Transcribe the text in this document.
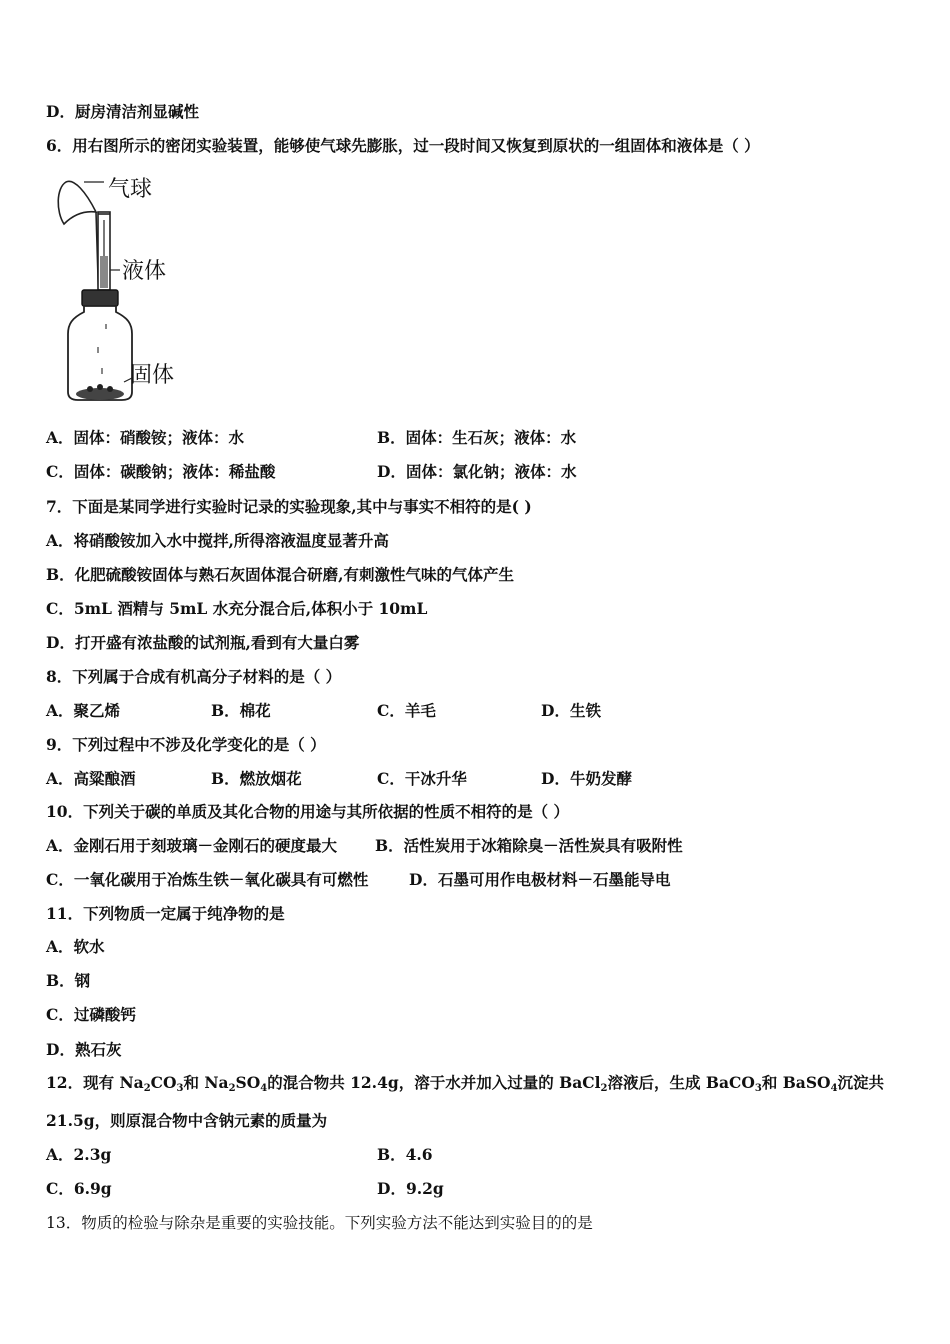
D．厨房清洁剂显碱性
6．用右图所示的密闭实验装置，能够使气球先膨胀，过一段时间又恢复到原状的一组固体和液体是（ ）
气球
液体
固体
A．固体：硝酸铵；液体：水	B．固体：生石灰；液体：水
C．固体：碳酸钠；液体：稀盐酸	D．固体：氯化钠；液体：水
7．下面是某同学进行实验时记录的实验现象,其中与事实不相符的是( )
A．将硝酸铵加入水中搅拌,所得溶液温度显著升高
B．化肥硫酸铵固体与熟石灰固体混合研磨,有刺激性气味的气体产生
C．5mL 酒精与 5mL 水充分混合后,体积小于 10mL
D．打开盛有浓盐酸的试剂瓶,看到有大量白雾
8．下列属于合成有机高分子材料的是（ ）
A．聚乙烯	B．棉花	C．羊毛	D．生铁
9．下列过程中不涉及化学变化的是（ ）
A．高粱酿酒	B．燃放烟花	C．干冰升华	D．牛奶发酵
10．下列关于碳的单质及其化合物的用途与其所依据的性质不相符的是（ ）
A．金刚石用于刻玻璃－金刚石的硬度最大 B．活性炭用于冰箱除臭－活性炭具有吸附性
C．一氧化碳用于冶炼生铁－氧化碳具有可燃性	D．石墨可用作电极材料－石墨能导电
11．下列物质一定属于纯净物的是
A．软水
B．钢
C．过磷酸钙
D．熟石灰
12．现有 $Na_2CO_3$和 $Na_2SO_4$的混合物共 12.4g，溶于水并加入过量的 BaCl$_2$溶液后，生成 BaCO$_3$和 BaSO$_4$沉淀共
21.5g，则原混合物中含钠元素的质量为
A．2.3g	B．4.6
C．6.9g	D．9.2g
13．物质的检验与除杂是重要的实验技能。下列实验方法不能达到实验目的的是
